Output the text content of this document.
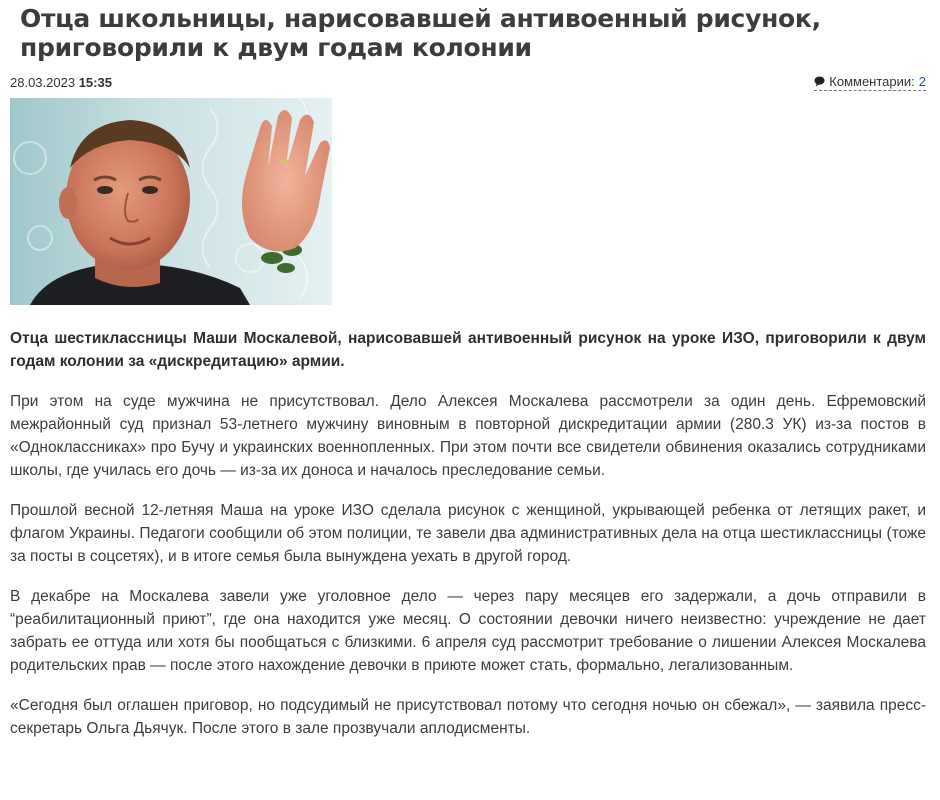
Отца школьницы, нарисовавшей антивоенный рисунок, приговорили к двум годам колонии
28.03.2023 15:35	Комментарии: 2

Отца шестиклассницы Маши Москалевой, нарисовавшей антивоенный рисунок на уроке ИЗО, приговорили к двум годам колонии за «дискредитацию» армии.

При этом на суде мужчина не присутствовал. Дело Алексея Москалева рассмотрели за один день. Ефремовский межрайонный суд признал 53-летнего мужчину виновным в повторной дискредитации армии (280.3 УК) из-за постов в «Одноклассниках» про Бучу и украинских военнопленных. При этом почти все свидетели обвинения оказались сотрудниками школы, где училась его дочь — из-за их доноса и началось преследование семьи.

Прошлой весной 12-летняя Маша на уроке ИЗО сделала рисунок с женщиной, укрывающей ребенка от летящих ракет, и флагом Украины. Педагоги сообщили об этом полиции, те завели два административных дела на отца шестиклассницы (тоже за посты в соцсетях), и в итоге семья была вынуждена уехать в другой город.

В декабре на Москалева завели уже уголовное дело — через пару месяцев его задержали, а дочь отправили в “реабилитационный приют”, где она находится уже месяц. О состоянии девочки ничего неизвестно: учреждение не дает забрать ее оттуда или хотя бы пообщаться с близкими. 6 апреля суд рассмотрит требование о лишении Алексея Москалева родительских прав — после этого нахождение девочки в приюте может стать, формально, легализованным.

«Сегодня был оглашен приговор, но подсудимый не присутствовал потому что сегодня ночью он сбежал», — заявила пресс-секретарь Ольга Дьячук. После этого в зале прозвучали аплодисменты.
